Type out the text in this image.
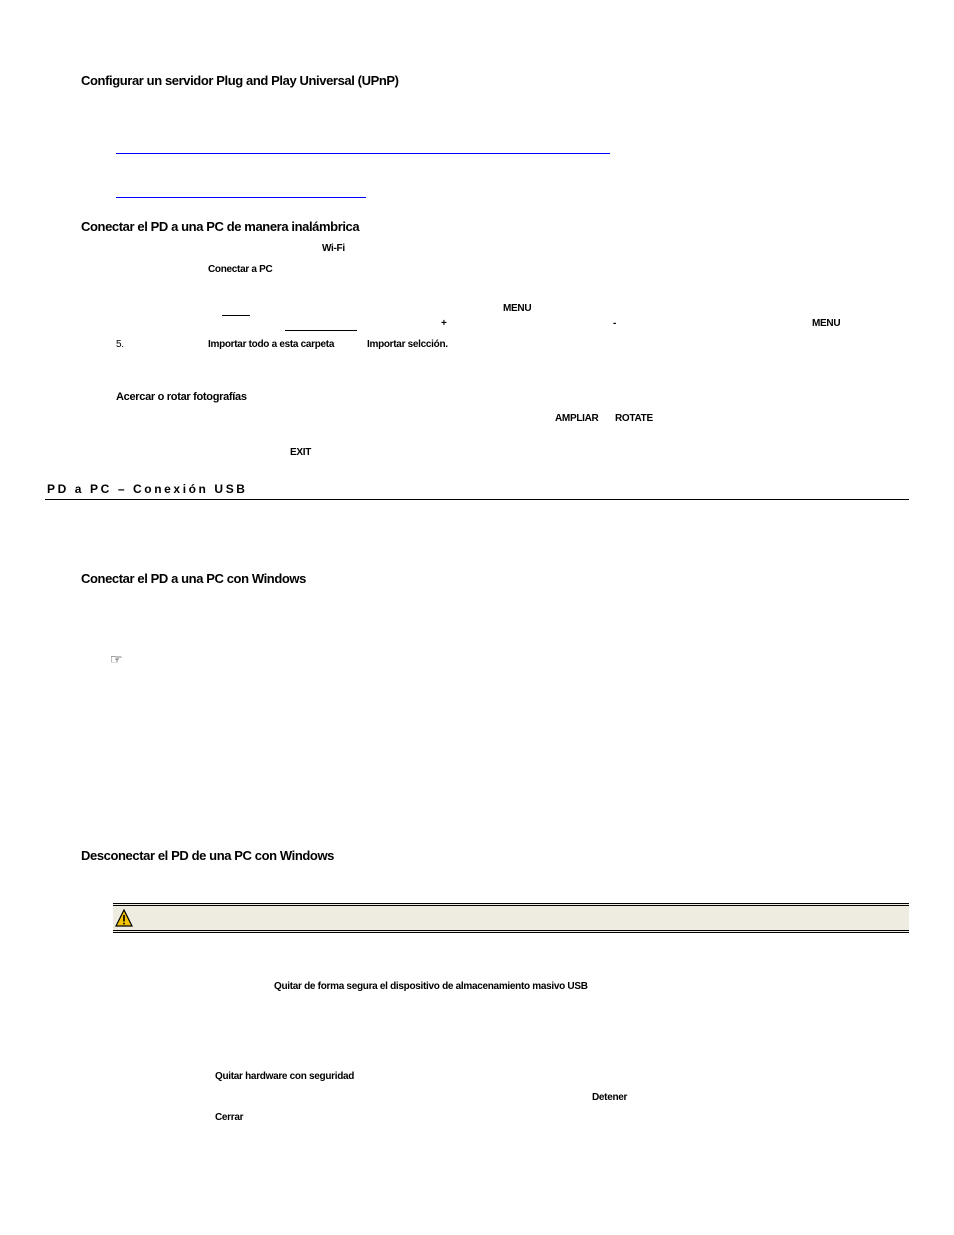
Configurar un servidor Plug and Play Universal (UPnP)
Conectar el PD a una PC de manera inalámbrica
Wi-Fi
Conectar a PC
MENU
+	-	MENU
5.	Importar todo a esta carpeta	Importar selcción.
Acercar o rotar fotografías
AMPLIAR ROTATE
EXIT
PD a PC – Conexión USB
Conectar el PD a una PC con Windows
☞
Desconectar el PD de una PC con Windows
Quitar de forma segura el dispositivo de almacenamiento masivo USB
Quitar hardware con seguridad
Detener
Cerrar
